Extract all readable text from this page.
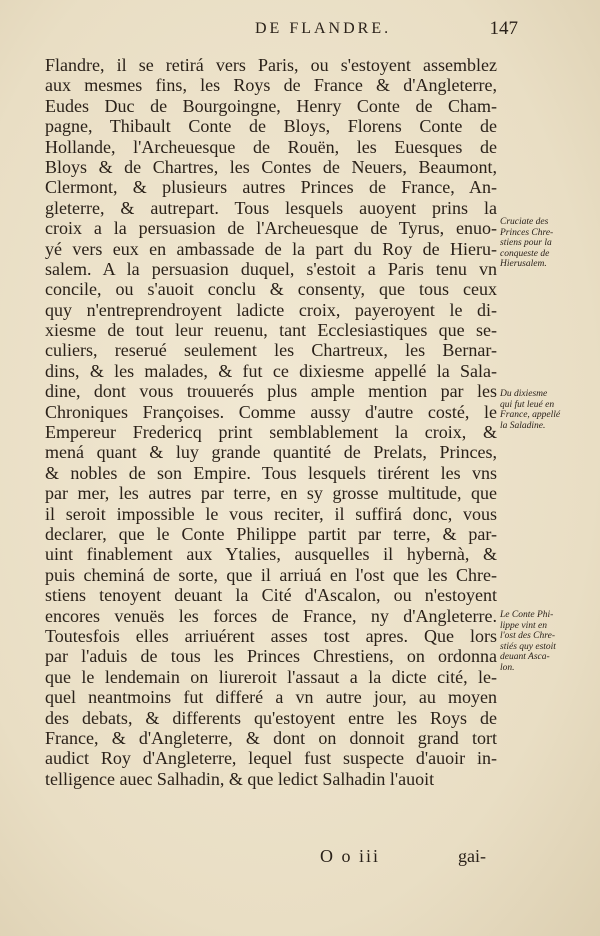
DE FLANDRE.	147
Flandre, il se retirá vers Paris, ou s'estoyent assemblez
aux mesmes fins, les Roys de France & d'Angleterre,
Eudes Duc de Bourgoingne, Henry Conte de Cham-
pagne, Thibault Conte de Bloys, Florens Conte de
Hollande, l'Archeuesque de Rouën, les Euesques de
Bloys & de Chartres, les Contes de Neuers, Beaumont,
Clermont, & plusieurs autres Princes de France, An-
gleterre, & autrepart. Tous lesquels auoyent prins la
croix a la persuasion de l'Archeuesque de Tyrus, enuo-
yé vers eux en ambassade de la part du Roy de Hieru-
salem. A la persuasion duquel, s'estoit a Paris tenu vn
concile, ou s'auoit conclu & consenty, que tous ceux
quy n'entreprendroyent ladicte croix, payeroyent le di-
xiesme de tout leur reuenu, tant Ecclesiastiques que se-
culiers, reserué seulement les Chartreux, les Bernar-
dins, & les malades, & fut ce dixiesme appellé la Sala-
dine, dont vous trouuerés plus ample mention par les
Chroniques Françoises. Comme aussy d'autre costé, le
Empereur Fredericq print semblablement la croix, &
mená quant & luy grande quantité de Prelats, Princes,
& nobles de son Empire. Tous lesquels tirérent les vns
par mer, les autres par terre, en sy grosse multitude, que
il seroit impossible le vous reciter, il suffirá donc, vous
declarer, que le Conte Philippe partit par terre, & par-
uint finablement aux Ytalies, ausquelles il hybernà, &
puis cheminá de sorte, que il arriuá en l'ost que les Chre-
stiens tenoyent deuant la Cité d'Ascalon, ou n'estoyent
encores venuës les forces de France, ny d'Angleterre.
Toutesfois elles arriuérent asses tost apres. Que lors
par l'aduis de tous les Princes Chrestiens, on ordonna
que le lendemain on liureroit l'assaut a la dicte cité, le-
quel neantmoins fut differé a vn autre jour, au moyen
des debats, & differents qu'estoyent entre les Roys de
France, & d'Angleterre, & dont on donnoit grand tort
audict Roy d'Angleterre, lequel fust suspecte d'auoir in-
telligence auec Salhadin, & que ledict Salhadin l'auoit
Cruciate des
Princes Chre-
stiens pour la
conqueste de
Hierusalem.
Du dixiesme
qui fut leué en
France, appellé
la Saladine.
Le Conte Phi-
lippe vint en
l'ost des Chre-
stiés quy estoit
deuant Asca-
lon.
O o iii	gai-
